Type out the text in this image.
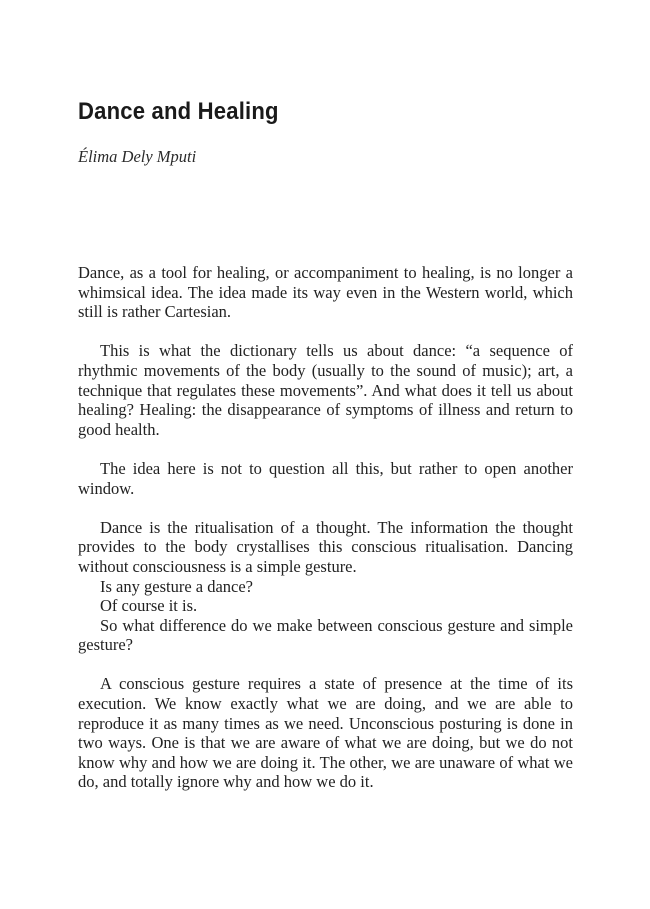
Dance and Healing

Élima Dely Mputi

Dance, as a tool for healing, or accompaniment to healing, is no longer a whimsical idea. The idea made its way even in the Western world, which still is rather Cartesian.

This is what the dictionary tells us about dance: “a sequence of rhythmic movements of the body (usually to the sound of music); art, a technique that regulates these movements”. And what does it tell us about healing? Healing: the disappearance of symptoms of illness and return to good health.

The idea here is not to question all this, but rather to open another window.

Dance is the ritualisation of a thought. The information the thought provides to the body crystallises this conscious ritualisation. Dancing without consciousness is a simple gesture.

Is any gesture a dance?

Of course it is.

So what difference do we make between conscious gesture and simple gesture?

A conscious gesture requires a state of presence at the time of its execution. We know exactly what we are doing, and we are able to reproduce it as many times as we need. Unconscious posturing is done in two ways. One is that we are aware of what we are doing, but we do not know why and how we are doing it. The other, we are unaware of what we do, and totally ignore why and how we do it.
